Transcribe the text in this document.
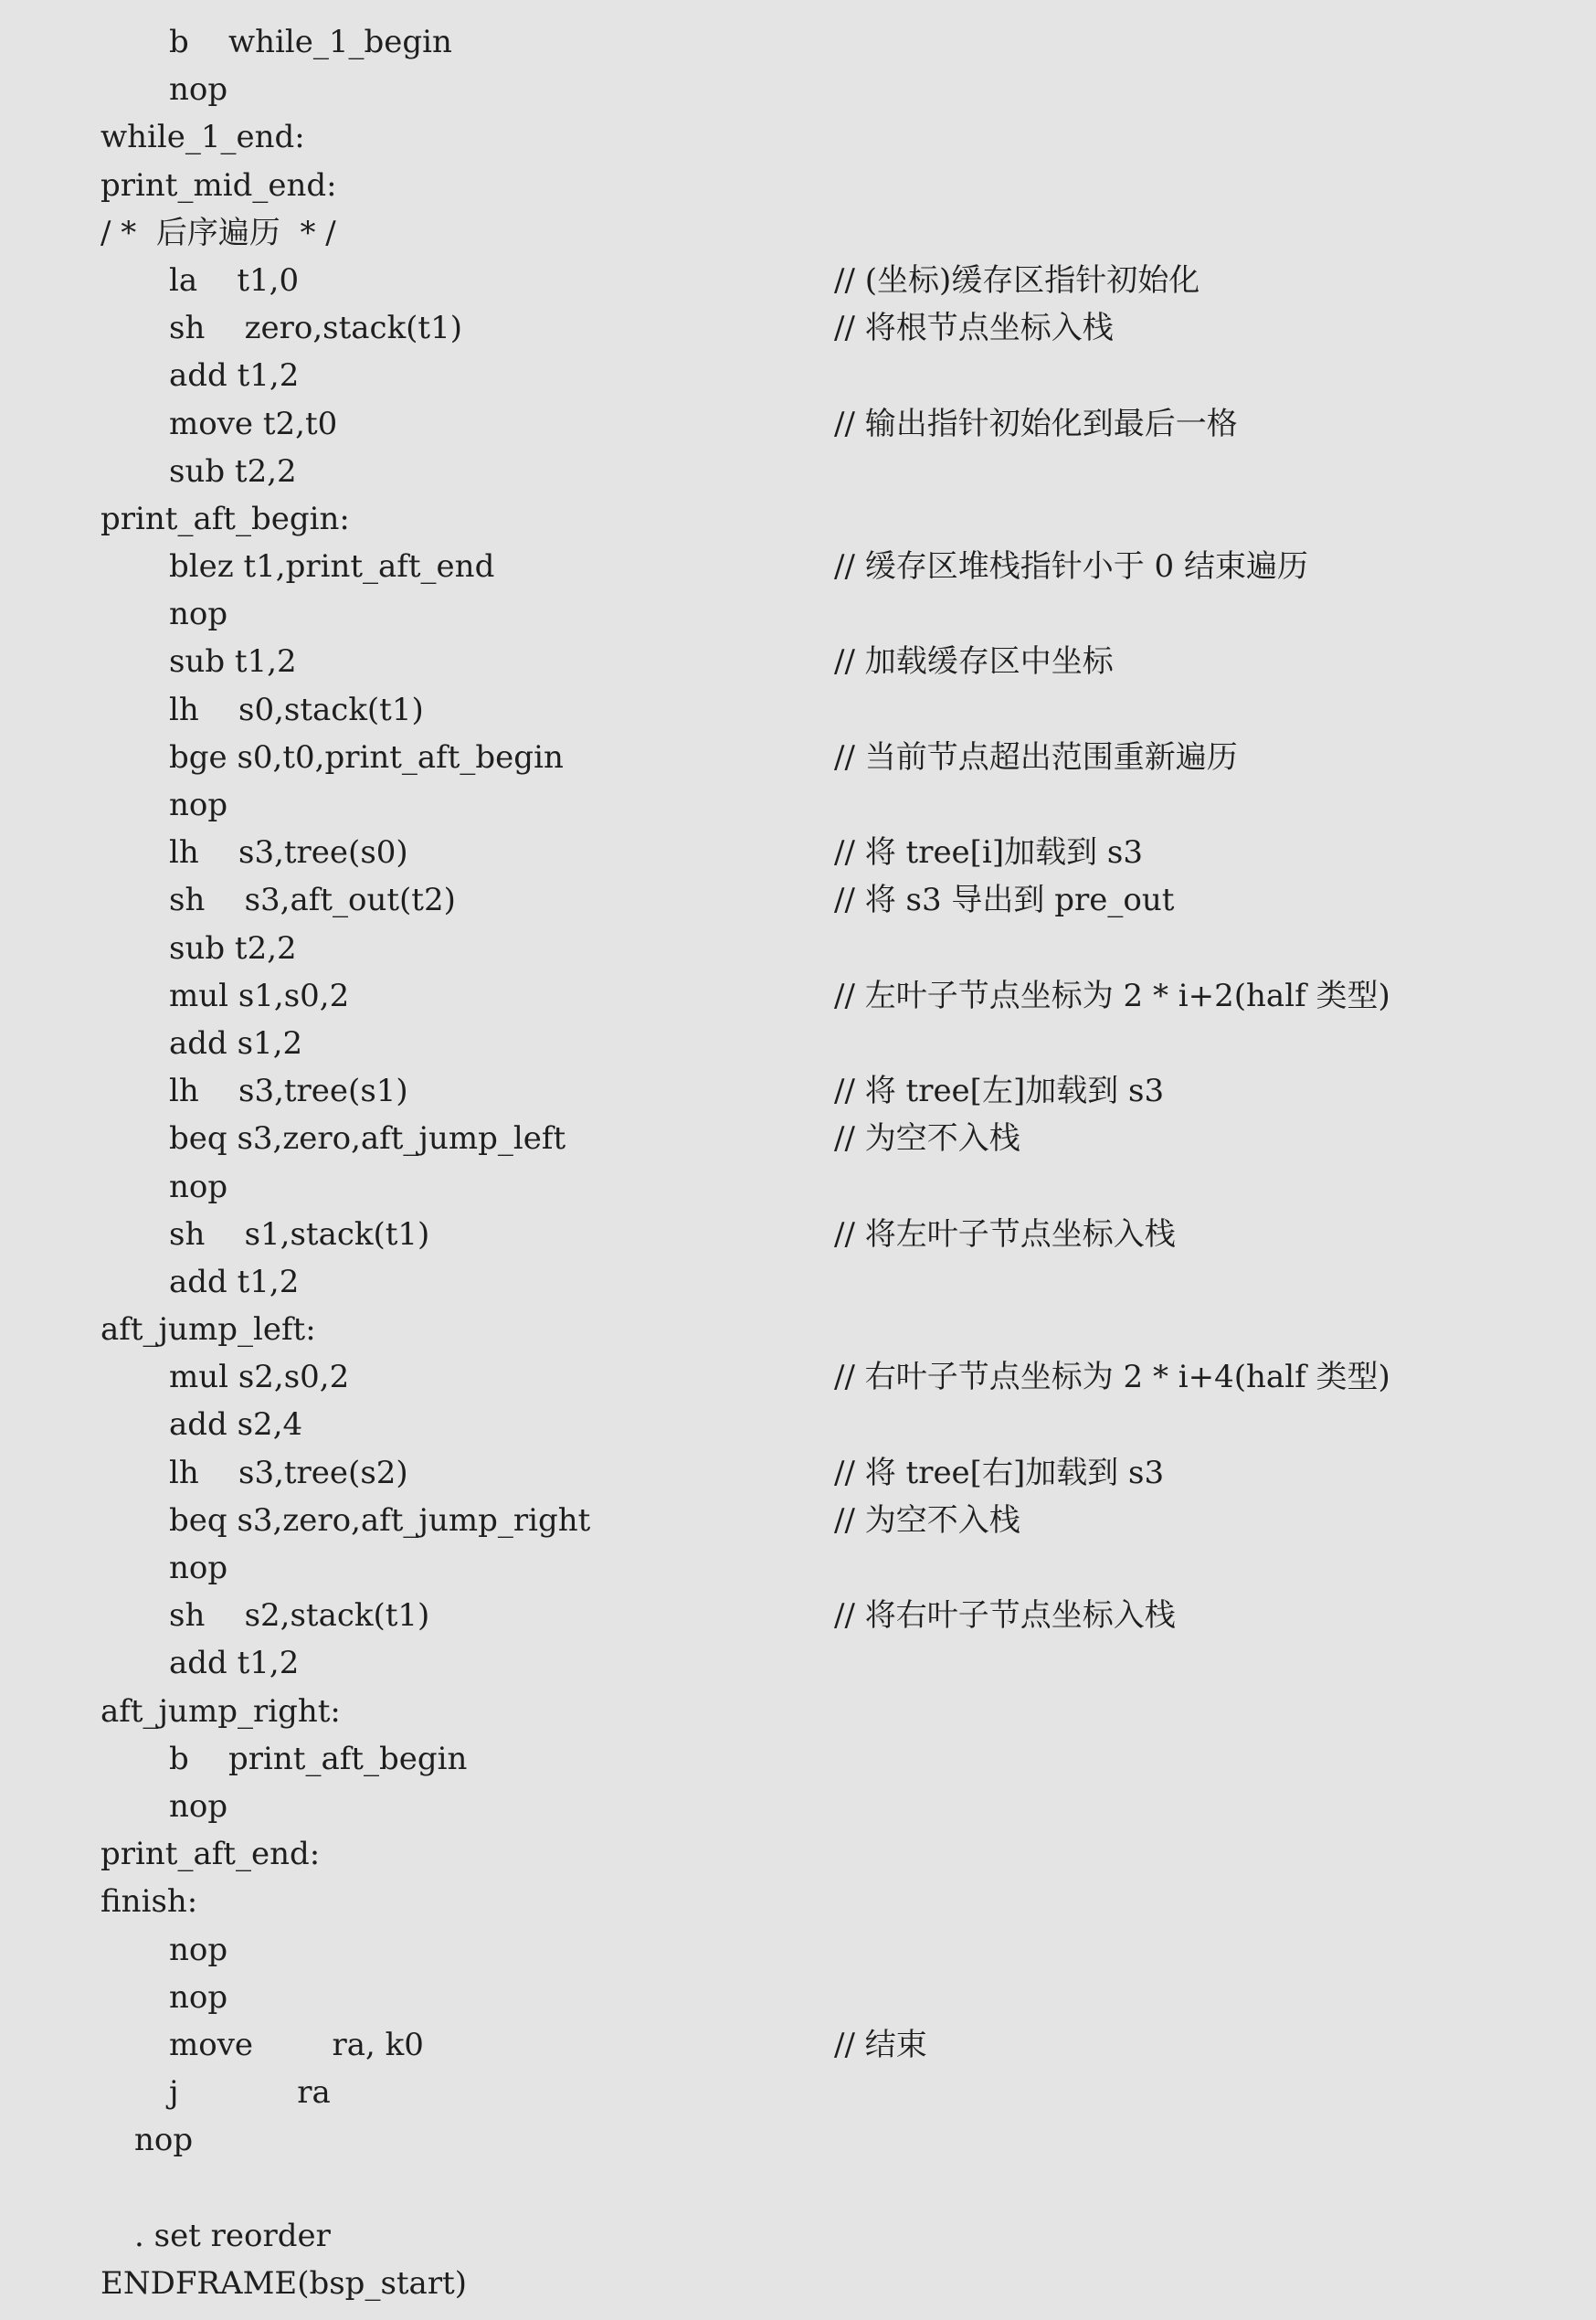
b    while_1_begin
nop
while_1_end:
print_mid_end:
/ *  后序遍历  * /
la    t1,0	// (坐标)缓存区指针初始化
sh    zero,stack(t1)	// 将根节点坐标入栈
add t1,2
move t2,t0	// 输出指针初始化到最后一格
sub t2,2
print_aft_begin:
blez t1,print_aft_end	// 缓存区堆栈指针小于 0 结束遍历
nop
sub t1,2	// 加载缓存区中坐标
lh    s0,stack(t1)
bge s0,t0,print_aft_begin	// 当前节点超出范围重新遍历
nop
lh    s3,tree(s0)	// 将 tree[i]加载到 s3
sh    s3,aft_out(t2)	// 将 s3 导出到 pre_out
sub t2,2
mul s1,s0,2	// 左叶子节点坐标为 2 * i+2(half 类型)
add s1,2
lh    s3,tree(s1)	// 将 tree[左]加载到 s3
beq s3,zero,aft_jump_left	// 为空不入栈
nop
sh    s1,stack(t1)	// 将左叶子节点坐标入栈
add t1,2
aft_jump_left:
mul s2,s0,2	// 右叶子节点坐标为 2 * i+4(half 类型)
add s2,4
lh    s3,tree(s2)	// 将 tree[右]加载到 s3
beq s3,zero,aft_jump_right	// 为空不入栈
nop
sh    s2,stack(t1)	// 将右叶子节点坐标入栈
add t1,2
aft_jump_right:
b    print_aft_begin
nop
print_aft_end:
finish:
nop
nop
move        ra, k0	// 结束
j            ra
nop
. set reorder
ENDFRAME(bsp_start)
